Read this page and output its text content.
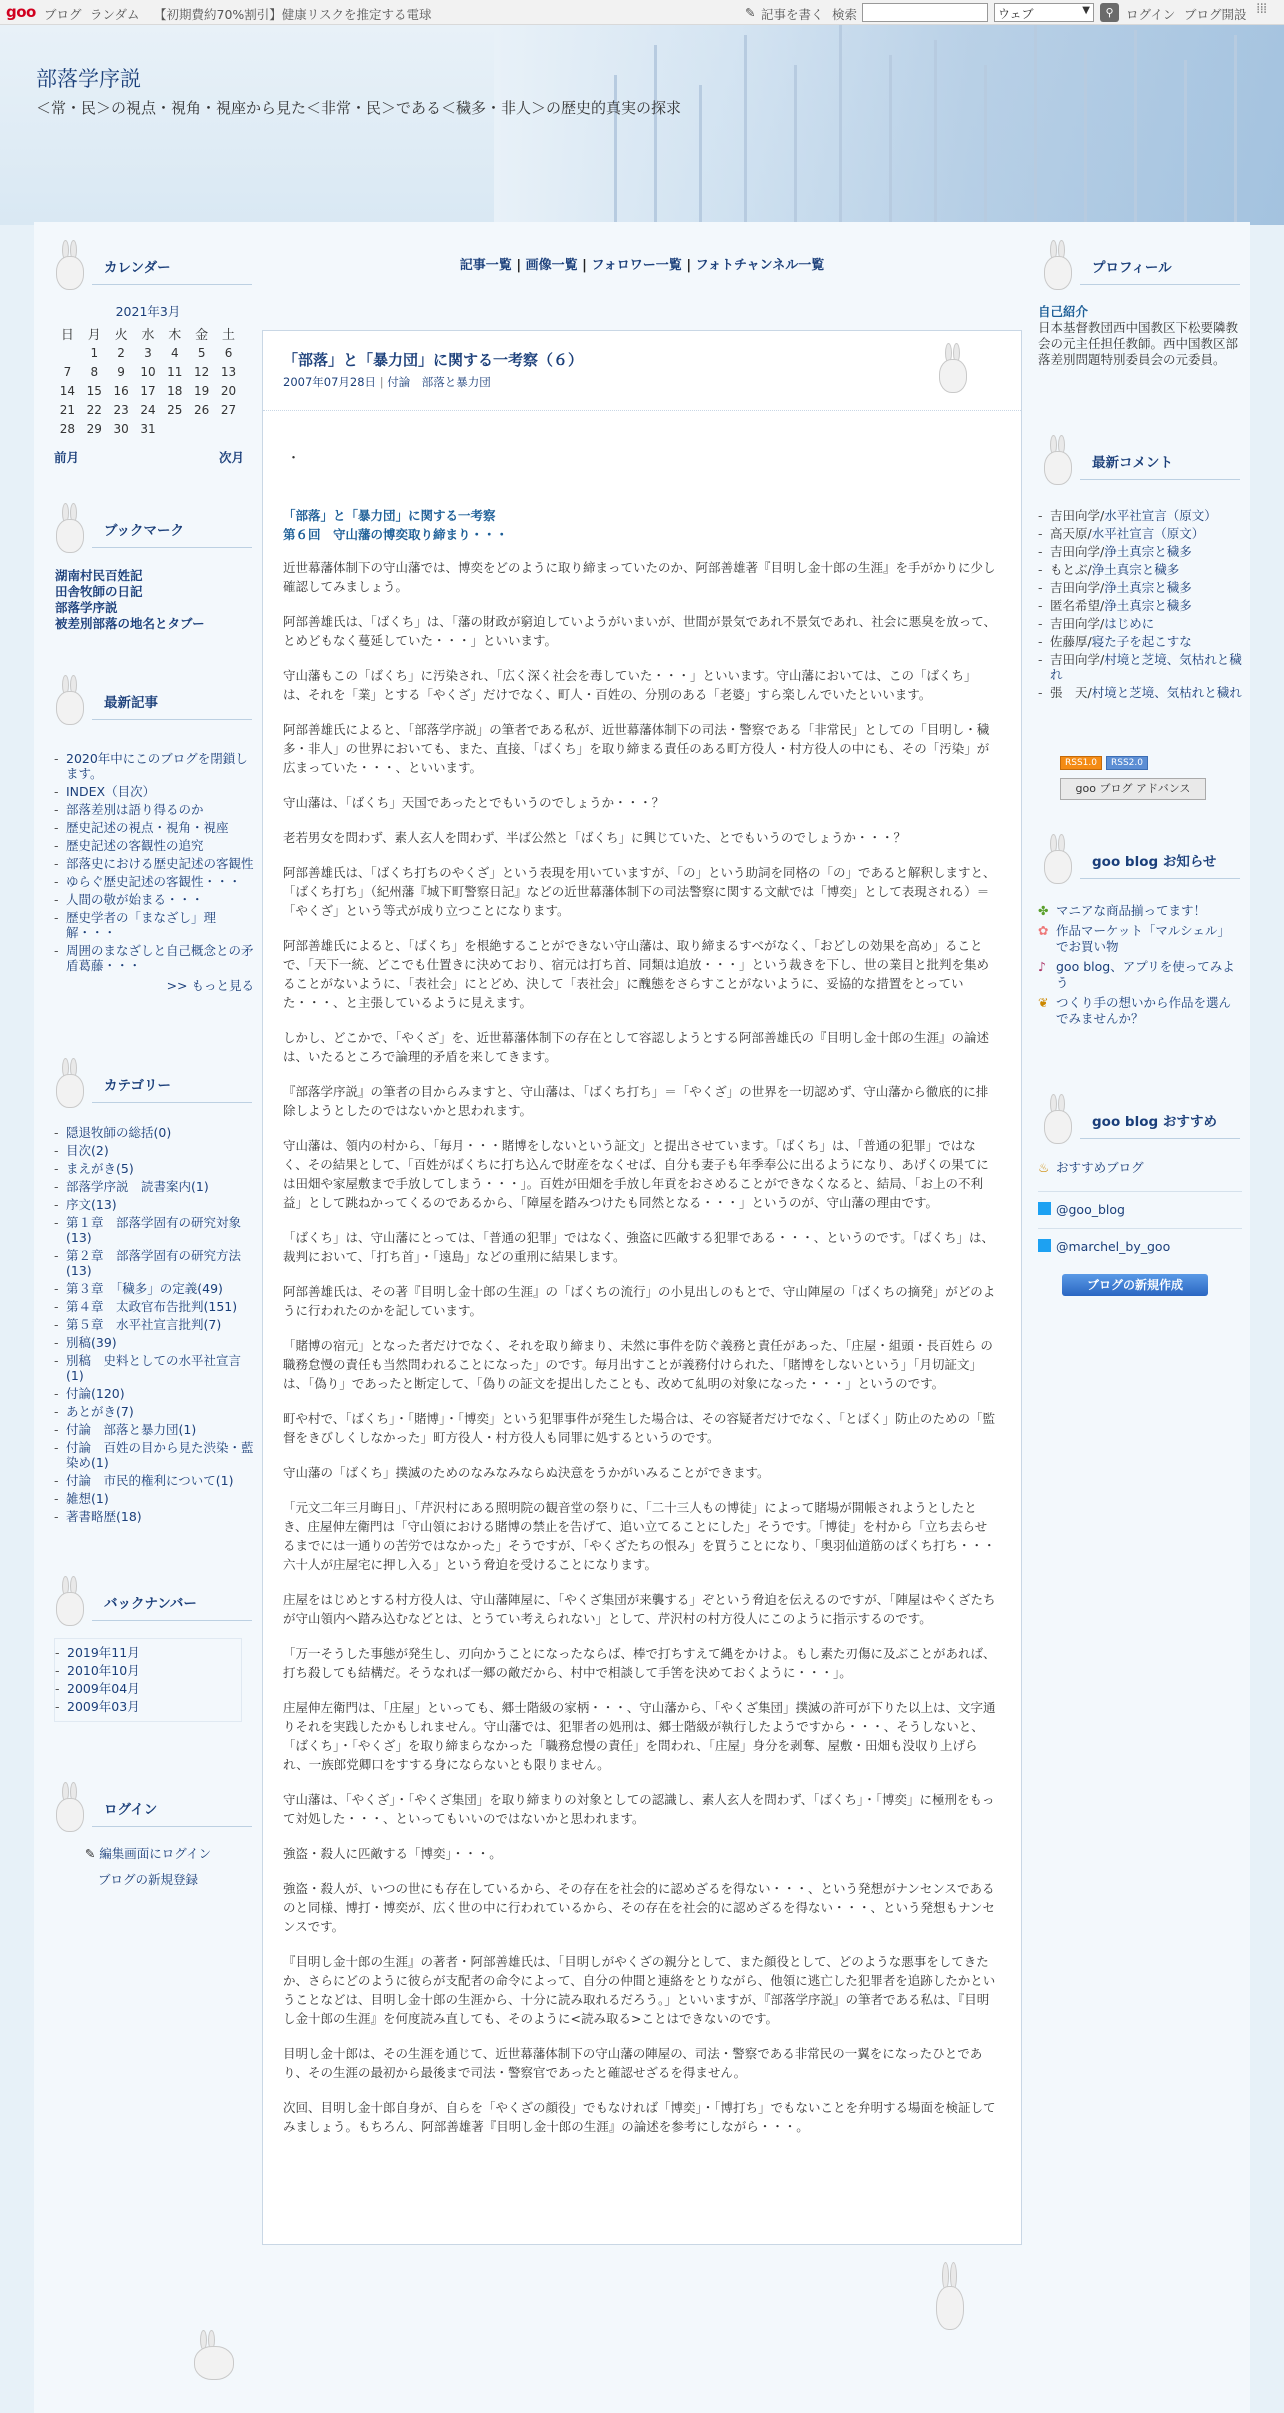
goo ブログ ランダム 【初期費約70%割引】健康リスクを推定する電球	✎ 記事を書く 検索	ウェブ	▼	⚲ ログイン ブログ開設 ⁞⁞⁞
部落学序説
＜常・民＞の視点・視角・視座から見た＜非常・民＞である＜穢多・非人＞の歴史的真実の探求
カレンダー
2021年3月
日	月	火	水	木	金	土
	1	2	3	4	5	6
7	8	9	10	11	12	13
14	15	16	17	18	19	20
21	22	23	24	25	26	27
28	29	30	31			
前月	次月
ブックマーク
湖南村民百姓記
田舎牧師の日記
部落学序説
被差別部落の地名とタブー
最新記事
- 2020年中にこのブログを閉鎖します。
- INDEX（目次）
- 部落差別は語り得るのか
- 歴史記述の視点・視角・視座
- 歴史記述の客観性の追究
- 部落史における歴史記述の客観性
- ゆらぐ歴史記述の客観性・・・
- 人間の敬が始まる・・・
- 歴史学者の「まなざし」理解・・・
- 周囲のまなざしと自己概念との矛盾葛藤・・・
>> もっと見る
カテゴリー
- 隠退牧師の総括(0)
- 目次(2)
- まえがき(5)
- 部落学序説　読書案内(1)
- 序文(13)
- 第１章　部落学固有の研究対象(13)
- 第２章　部落学固有の研究方法(13)
- 第３章　「穢多」の定義(49)
- 第４章　太政官布告批判(151)
- 第５章　水平社宣言批判(7)
- 別稿(39)
- 別稿　史料としての水平社宣言(1)
- 付論(120)
- あとがき(7)
- 付論　部落と暴力団(1)
- 付論　百姓の目から見た渋染・藍染め(1)
- 付論　市民的権利について(1)
- 雑想(1)
- 著書略歴(18)
バックナンバー
- 2019年11月
- 2010年10月
- 2009年04月
- 2009年03月
ログイン
✎ 編集画面にログイン
ブログの新規登録
記事一覧 | 画像一覧 | フォロワー一覧 | フォトチャンネル一覧
「部落」と「暴力団」に関する一考察（６）
2007年07月28日 | 付論　部落と暴力団
・
「部落」と「暴力団」に関する一考察
第６回　守山藩の博奕取り締まり・・・

近世幕藩体制下の守山藩では、博奕をどのように取り締まっていたのか、阿部善雄著『目明し金十郎の生涯』を手がかりに少し確認してみましょう。

阿部善雄氏は、「ばくち」は、「藩の財政が窮迫していようがいまいが、世間が景気であれ不景気であれ、社会に悪臭を放って、とめどもなく蔓延していた・・・」といいます。

守山藩もこの「ばくち」に汚染され、「広く深く社会を毒していた・・・」といいます。守山藩においては、この「ばくち」は、それを「業」とする「やくざ」だけでなく、町人・百姓の、分別のある「老婆」すら楽しんでいたといいます。

阿部善雄氏によると、「部落学序説」の筆者である私が、近世幕藩体制下の司法・警察である「非常民」としての「目明し・穢多・非人」の世界においても、また、直接、「ばくち」を取り締まる責任のある町方役人・村方役人の中にも、その「汚染」が広まっていた・・・、といいます。

守山藩は、「ばくち」天国であったとでもいうのでしょうか・・・？

老若男女を問わず、素人玄人を問わず、半ば公然と「ばくち」に興じていた、とでもいうのでしょうか・・・？

阿部善雄氏は、「ばくち打ちのやくざ」という表現を用いていますが、「の」という助詞を同格の「の」であると解釈しますと、「ばくち打ち」（紀州藩『城下町警察日記』などの近世幕藩体制下の司法警察に関する文献では「博奕」として表現される）＝「やくざ」という等式が成り立つことになります。

阿部善雄氏によると、「ばくち」を根絶することができない守山藩は、取り締まるすべがなく、「おどしの効果を高め」ることで、「天下一統、どこでも仕置きに決めており、宿元は打ち首、同類は追放・・・」という裁きを下し、世の業目と批判を集めることがないように、「表社会」にとどめ、決して「表社会」に醜態をさらすことがないように、妥協的な措置をとっていた・・・、と主張しているように見えます。

しかし、どこかで、「やくざ」を、近世幕藩体制下の存在として容認しようとする阿部善雄氏の『目明し金十郎の生涯』の論述は、いたるところで論理的矛盾を来してきます。

『部落学序説』の筆者の目からみますと、守山藩は、「ばくち打ち」＝「やくざ」の世界を一切認めず、守山藩から徹底的に排除しようとしたのではないかと思われます。

守山藩は、領内の村から、「毎月・・・賭博をしないという証文」と提出させています。「ばくち」は、「普通の犯罪」ではなく、その結果として、「百姓がばくちに打ち込んで財産をなくせば、自分も妻子も年季奉公に出るようになり、あげくの果てには田畑や家屋敷まで手放してしまう・・・」。百姓が田畑を手放し年貢をおさめることができなくなると、結局、「お上の不利益」として跳ねかってくるのであるから、「障屋を踏みつけたも同然となる・・・」というのが、守山藩の理由です。

「ばくち」は、守山藩にとっては、「普通の犯罪」ではなく、強盗に匹敵する犯罪である・・・、というのです。「ばくち」は、裁判において、「打ち首」・「遠島」などの重刑に結果します。

阿部善雄氏は、その著『目明し金十郎の生涯』の「ばくちの流行」の小見出しのもとで、守山陣屋の「ばくちの摘発」がどのように行われたのかを記しています。

「賭博の宿元」となった者だけでなく、それを取り締まり、未然に事件を防ぐ義務と責任があった、「庄屋・組頭・長百姓ら の職務怠慢の責任も当然問われることになった」のです。毎月出すことが義務付けられた、「賭博をしないという」「月切証文」は、「偽り」であったと断定して、「偽りの証文を提出したことも、改めて糺明の対象になった・・・」というのです。

町や村で、「ばくち」・「賭博」・「博奕」という犯罪事件が発生した場合は、その容疑者だけでなく、「とばく」防止のための「監督をきびしくしなかった」町方役人・村方役人も同罪に処するというのです。

守山藩の「ばくち」撲滅のためのなみなみならぬ決意をうかがいみることができます。

「元文二年三月晦日」、「芹沢村にある照明院の観音堂の祭りに、「二十三人もの博徒」によって賭場が開帳されようとしたとき、庄屋伸左衛門は「守山領における賭博の禁止を告げて、追い立てることにした」そうです。「博徒」を村から「立ち去らせるまでには一通りの苦労ではなかった」そうですが、「やくざたちの恨み」を買うことになり、「奥羽仙道筋のばくち打ち・・・六十人が庄屋宅に押し入る」という脅迫を受けることになります。

庄屋をはじめとする村方役人は、守山藩陣屋に、「やくざ集団が来襲する」ぞという脅迫を伝えるのですが、「陣屋はやくざたちが守山領内へ踏み込むなどとは、とうてい考えられない」として、芹沢村の村方役人にこのように指示するのです。

「万一そうした事態が発生し、刃向かうことになったならば、棒で打ちすえて縄をかけよ。もし素た刃傷に及ぶことがあれば、打ち殺しても結構だ。そうなれば一郷の敵だから、村中で相談して手筈を決めておくように・・・」。

庄屋伸左衛門は、「庄屋」といっても、郷士階級の家柄・・・、守山藩から、「やくざ集団」撲滅の許可が下りた以上は、文字通りそれを実践したかもしれません。守山藩では、犯罪者の処刑は、郷士階級が執行したようですから・・・、そうしないと、「ばくち」・「やくざ」を取り締まらなかった「職務怠慢の責任」を問われ、「庄屋」身分を剥奪、屋敷・田畑も没収り上げられ、一族郎党卿口をすする身にならないとも限りません。

守山藩は、「やくざ」・「やくざ集団」を取り締まりの対象としての認識し、素人玄人を問わず、「ばくち」・「博奕」に極刑をもって対処した・・・、といってもいいのではないかと思われます。

強盗・殺人に匹敵する「博奕」・・・。

強盗・殺人が、いつの世にも存在しているから、その存在を社会的に認めざるを得ない・・・、という発想がナンセンスであるのと同様、博打・博奕が、広く世の中に行われているから、その存在を社会的に認めざるを得ない・・・、という発想もナンセンスです。

『目明し金十郎の生涯』の著者・阿部善雄氏は、「目明しがやくざの親分として、また顔役として、どのような悪事をしてきたか、さらにどのように彼らが支配者の命令によって、自分の仲間と連絡をとりながら、他領に逃亡した犯罪者を追跡したかということなどは、目明し金十郎の生涯から、十分に読み取れるだろう。」といいますが、『部落学序説』の筆者である私は、『目明し金十郎の生涯』を何度読み直しても、そのように<読み取る>ことはできないのです。

目明し金十郎は、その生涯を通じて、近世幕藩体制下の守山藩の陣屋の、司法・警察である非常民の一翼をになったひとであり、その生涯の最初から最後まで司法・警察官であったと確認せざるを得ません。

次回、目明し金十郎自身が、自らを「やくざの顔役」でもなければ「博奕」・「博打ち」でもないことを弁明する場面を検証してみましょう。もちろん、阿部善雄著『目明し金十郎の生涯』の論述を参考にしながら・・・。

プロフィール
自己紹介
日本基督教団西中国教区下松要隣教会の元主任担任教師。西中国教区部落差別問題特別委員会の元委員。
最新コメント
- 吉田向学/水平社宣言（原文）
- 高天原/水平社宣言（原文）
- 吉田向学/浄土真宗と穢多
- もとぶ/浄土真宗と穢多
- 吉田向学/浄土真宗と穢多
- 匿名希望/浄土真宗と穢多
- 吉田向学/はじめに
- 佐藤厚/寝た子を起こすな
- 吉田向学/村境と芝境、気枯れと穢れ
- 張　天/村境と芝境、気枯れと穢れ
RSS1.0 RSS2.0
goo ブログ アドバンス
goo blog お知らせ
✤ マニアな商品揃ってます！
✿ 作品マーケット「マルシェル」でお買い物
♪ goo blog、アプリを使ってみよう
❦ つくり手の想いから作品を選んでみませんか？
goo blog おすすめ
♨ おすすめブログ
@goo_blog
@marchel_by_goo
ブログの新規作成
